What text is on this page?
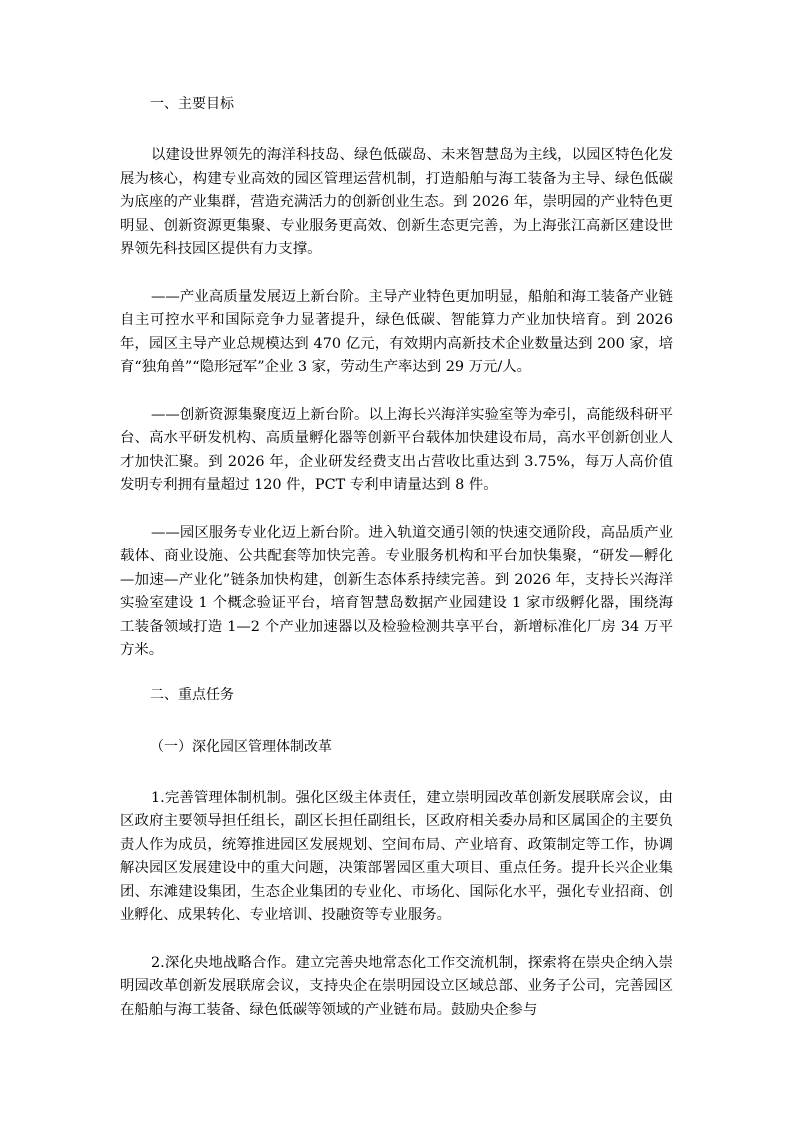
一、主要目标

以建设世界领先的海洋科技岛、绿色低碳岛、未来智慧岛为主线，以园区特色化发展为核心，构建专业高效的园区管理运营机制，打造船舶与海工装备为主导、绿色低碳为底座的产业集群，营造充满活力的创新创业生态。到 2026 年，崇明园的产业特色更明显、创新资源更集聚、专业服务更高效、创新生态更完善，为上海张江高新区建设世界领先科技园区提供有力支撑。

——产业高质量发展迈上新台阶。主导产业特色更加明显，船舶和海工装备产业链自主可控水平和国际竞争力显著提升，绿色低碳、智能算力产业加快培育。到 2026 年，园区主导产业总规模达到 470 亿元，有效期内高新技术企业数量达到 200 家，培育“独角兽”“隐形冠军”企业 3 家，劳动生产率达到 29 万元/人。

——创新资源集聚度迈上新台阶。以上海长兴海洋实验室等为牵引，高能级科研平台、高水平研发机构、高质量孵化器等创新平台载体加快建设布局，高水平创新创业人才加快汇聚。到 2026 年，企业研发经费支出占营收比重达到 3.75%，每万人高价值发明专利拥有量超过 120 件，PCT 专利申请量达到 8 件。

——园区服务专业化迈上新台阶。进入轨道交通引领的快速交通阶段，高品质产业载体、商业设施、公共配套等加快完善。专业服务机构和平台加快集聚，“研发—孵化—加速—产业化”链条加快构建，创新生态体系持续完善。到 2026 年，支持长兴海洋实验室建设 1 个概念验证平台，培育智慧岛数据产业园建设 1 家市级孵化器，围绕海工装备领域打造 1—2 个产业加速器以及检验检测共享平台，新增标准化厂房 34 万平方米。

二、重点任务
（一）深化园区管理体制改革

1.完善管理体制机制。强化区级主体责任，建立崇明园改革创新发展联席会议，由区政府主要领导担任组长，副区长担任副组长，区政府相关委办局和区属国企的主要负责人作为成员，统筹推进园区发展规划、空间布局、产业培育、政策制定等工作，协调解决园区发展建设中的重大问题，决策部署园区重大项目、重点任务。提升长兴企业集团、东滩建设集团，生态企业集团的专业化、市场化、国际化水平，强化专业招商、创业孵化、成果转化、专业培训、投融资等专业服务。

2.深化央地战略合作。建立完善央地常态化工作交流机制，探索将在崇央企纳入崇明园改革创新发展联席会议，支持央企在崇明园设立区域总部、业务子公司，完善园区在船舶与海工装备、绿色低碳等领域的产业链布局。鼓励央企参与
